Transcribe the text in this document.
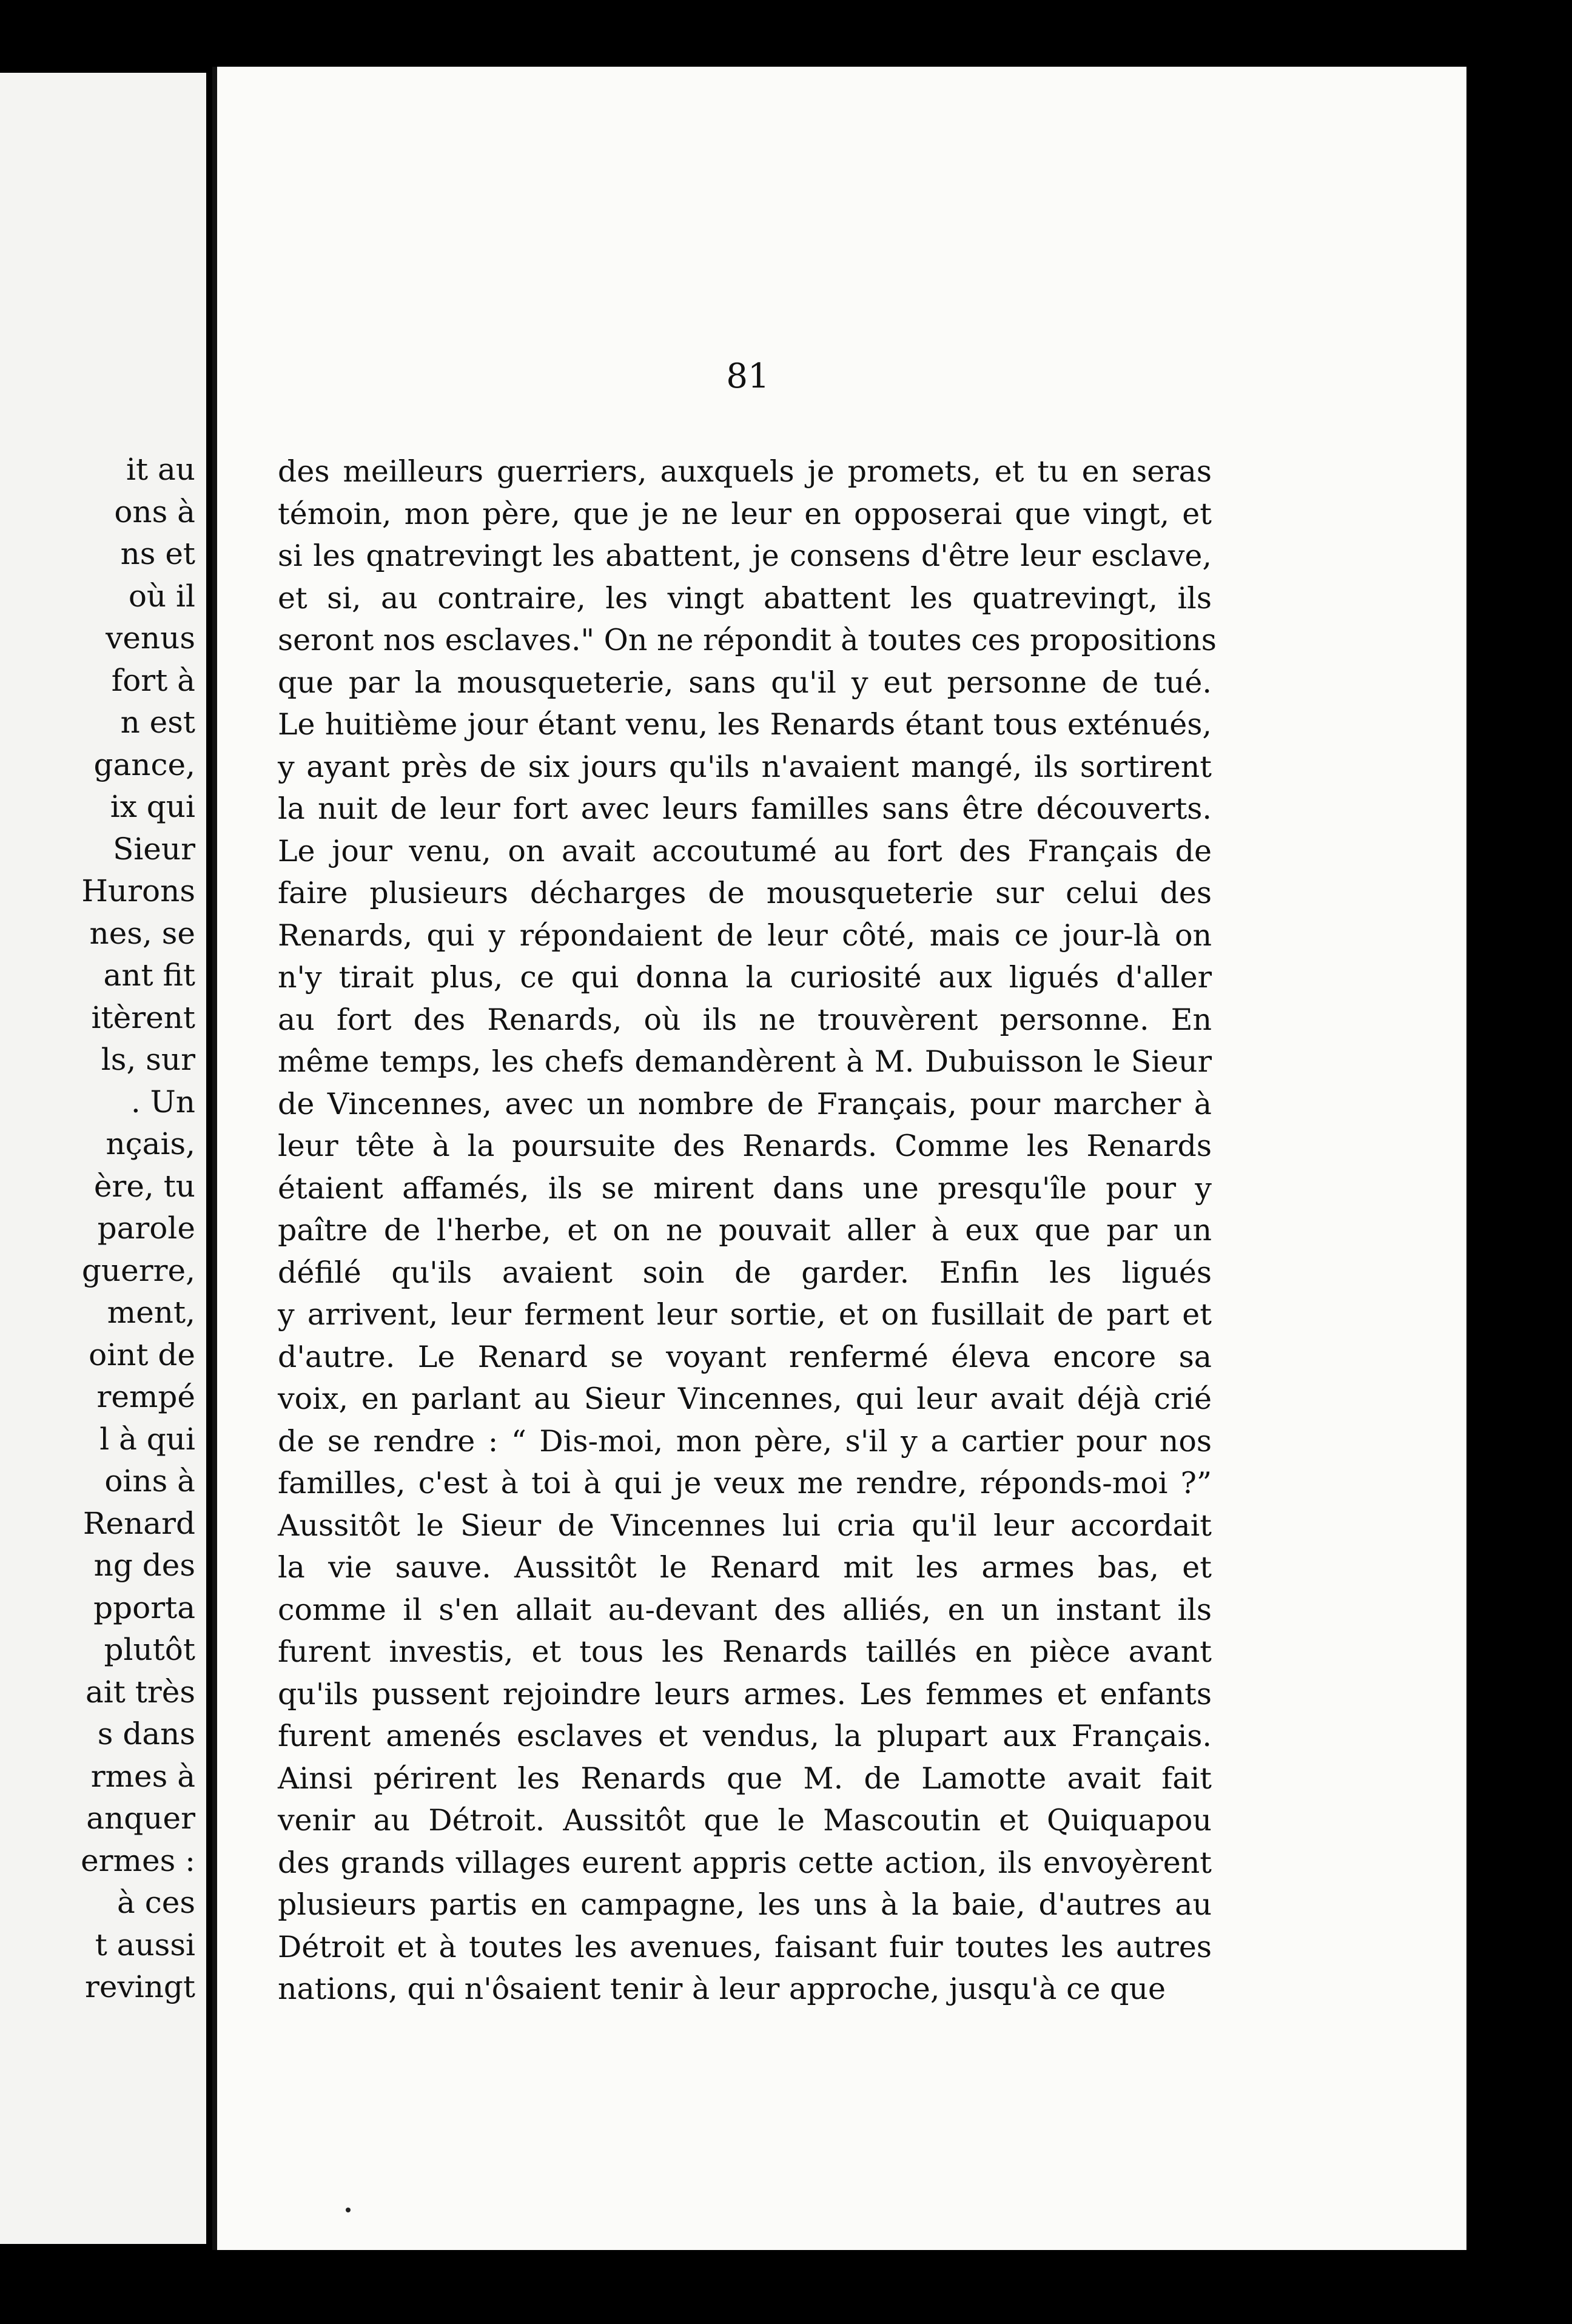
it au
ons à
ns et
où il
venus
fort à
n est
gance,
ix qui
Sieur
Hurons
nes, se
ant fit
itèrent
ls, sur
. Un
nçais,
ère, tu
parole
guerre,
ment,
oint de
rempé
l à qui
oins à
Renard
ng des
pporta
plutôt
ait très
s dans
rmes à
anquer
ermes :
à ces
t aussi
revingt
81
des meilleurs guerriers, auxquels je promets, et tu en seras
témoin, mon père, que je ne leur en opposerai que vingt, et
si les qnatrevingt les abattent, je consens d'être leur esclave,
et si, au contraire, les vingt abattent les quatrevingt, ils
seront nos esclaves." On ne répondit à toutes ces propositions
que par la mousqueterie, sans qu'il y eut personne de tué.
Le huitième jour étant venu, les Renards étant tous exténués,
y ayant près de six jours qu'ils n'avaient mangé, ils sortirent
la nuit de leur fort avec leurs familles sans être découverts.
Le jour venu, on avait accoutumé au fort des Français de
faire plusieurs décharges de mousqueterie sur celui des
Renards, qui y répondaient de leur côté, mais ce jour-là on
n'y tirait plus, ce qui donna la curiosité aux ligués d'aller
au fort des Renards, où ils ne trouvèrent personne. En
même temps, les chefs demandèrent à M. Dubuisson le Sieur
de Vincennes, avec un nombre de Français, pour marcher à
leur tête à la poursuite des Renards. Comme les Renards
étaient affamés, ils se mirent dans une presqu'île pour y
paître de l'herbe, et on ne pouvait aller à eux que par un
défilé qu'ils avaient soin de garder. Enfin les ligués
y arrivent, leur ferment leur sortie, et on fusillait de part et
d'autre. Le Renard se voyant renfermé éleva encore sa
voix, en parlant au Sieur Vincennes, qui leur avait déjà crié
de se rendre : “ Dis-moi, mon père, s'il y a cartier pour nos
familles, c'est à toi à qui je veux me rendre, réponds-moi ?”
Aussitôt le Sieur de Vincennes lui cria qu'il leur accordait
la vie sauve. Aussitôt le Renard mit les armes bas, et
comme il s'en allait au-devant des alliés, en un instant ils
furent investis, et tous les Renards taillés en pièce avant
qu'ils pussent rejoindre leurs armes. Les femmes et enfants
furent amenés esclaves et vendus, la plupart aux Français.
Ainsi périrent les Renards que M. de Lamotte avait fait
venir au Détroit. Aussitôt que le Mascoutin et Quiquapou
des grands villages eurent appris cette action, ils envoyèrent
plusieurs partis en campagne, les uns à la baie, d'autres au
Détroit et à toutes les avenues, faisant fuir toutes les autres
nations, qui n'ôsaient tenir à leur approche, jusqu'à ce que
